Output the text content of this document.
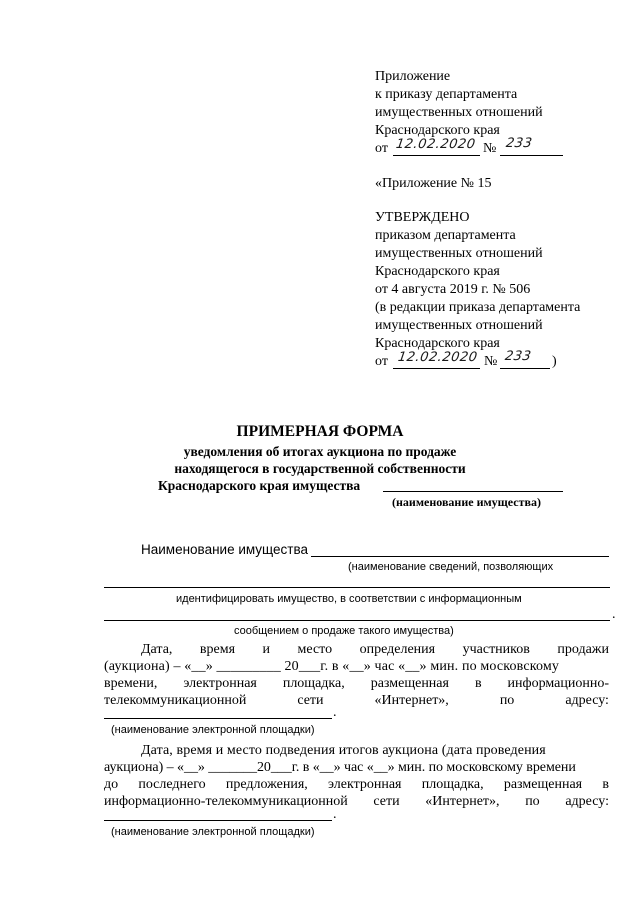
Приложение
к приказу департамента
имущественных отношений
Краснодарского края
от 12.02.2020 № 233
«Приложение № 15
УТВЕРЖДЕНО
приказом департамента
имущественных отношений
Краснодарского края
от 4 августа 2019 г. № 506
(в редакции приказа департамента
имущественных отношений
Краснодарского края
от 12.02.2020 № 233 )
ПРИМЕРНАЯ ФОРМА
уведомления об итогах аукциона по продаже
находящегося в государственной собственности
Краснодарского края имущества
(наименование имущества)
Наименование имущества
(наименование сведений, позволяющих
идентифицировать имущество, в соответствии с информационным
.
сообщением о продаже такого имущества)
Дата, время и место определения участников продажи
(аукциона) – «__» _________ 20___г. в «__» час «__» мин. по московскому
времени, электронная площадка, размещенная в информационно-
телекоммуникационной	сети	«Интернет»,	по	адресу:
.
(наименование электронной площадки)
Дата, время и место подведения итогов аукциона (дата проведения
аукциона) – «__» _______20___г. в «__» час «__» мин. по московскому времени
до последнего предложения, электронная площадка, размещенная в
информационно-телекоммуникационной сети «Интернет», по адресу:
.
(наименование электронной площадки)
